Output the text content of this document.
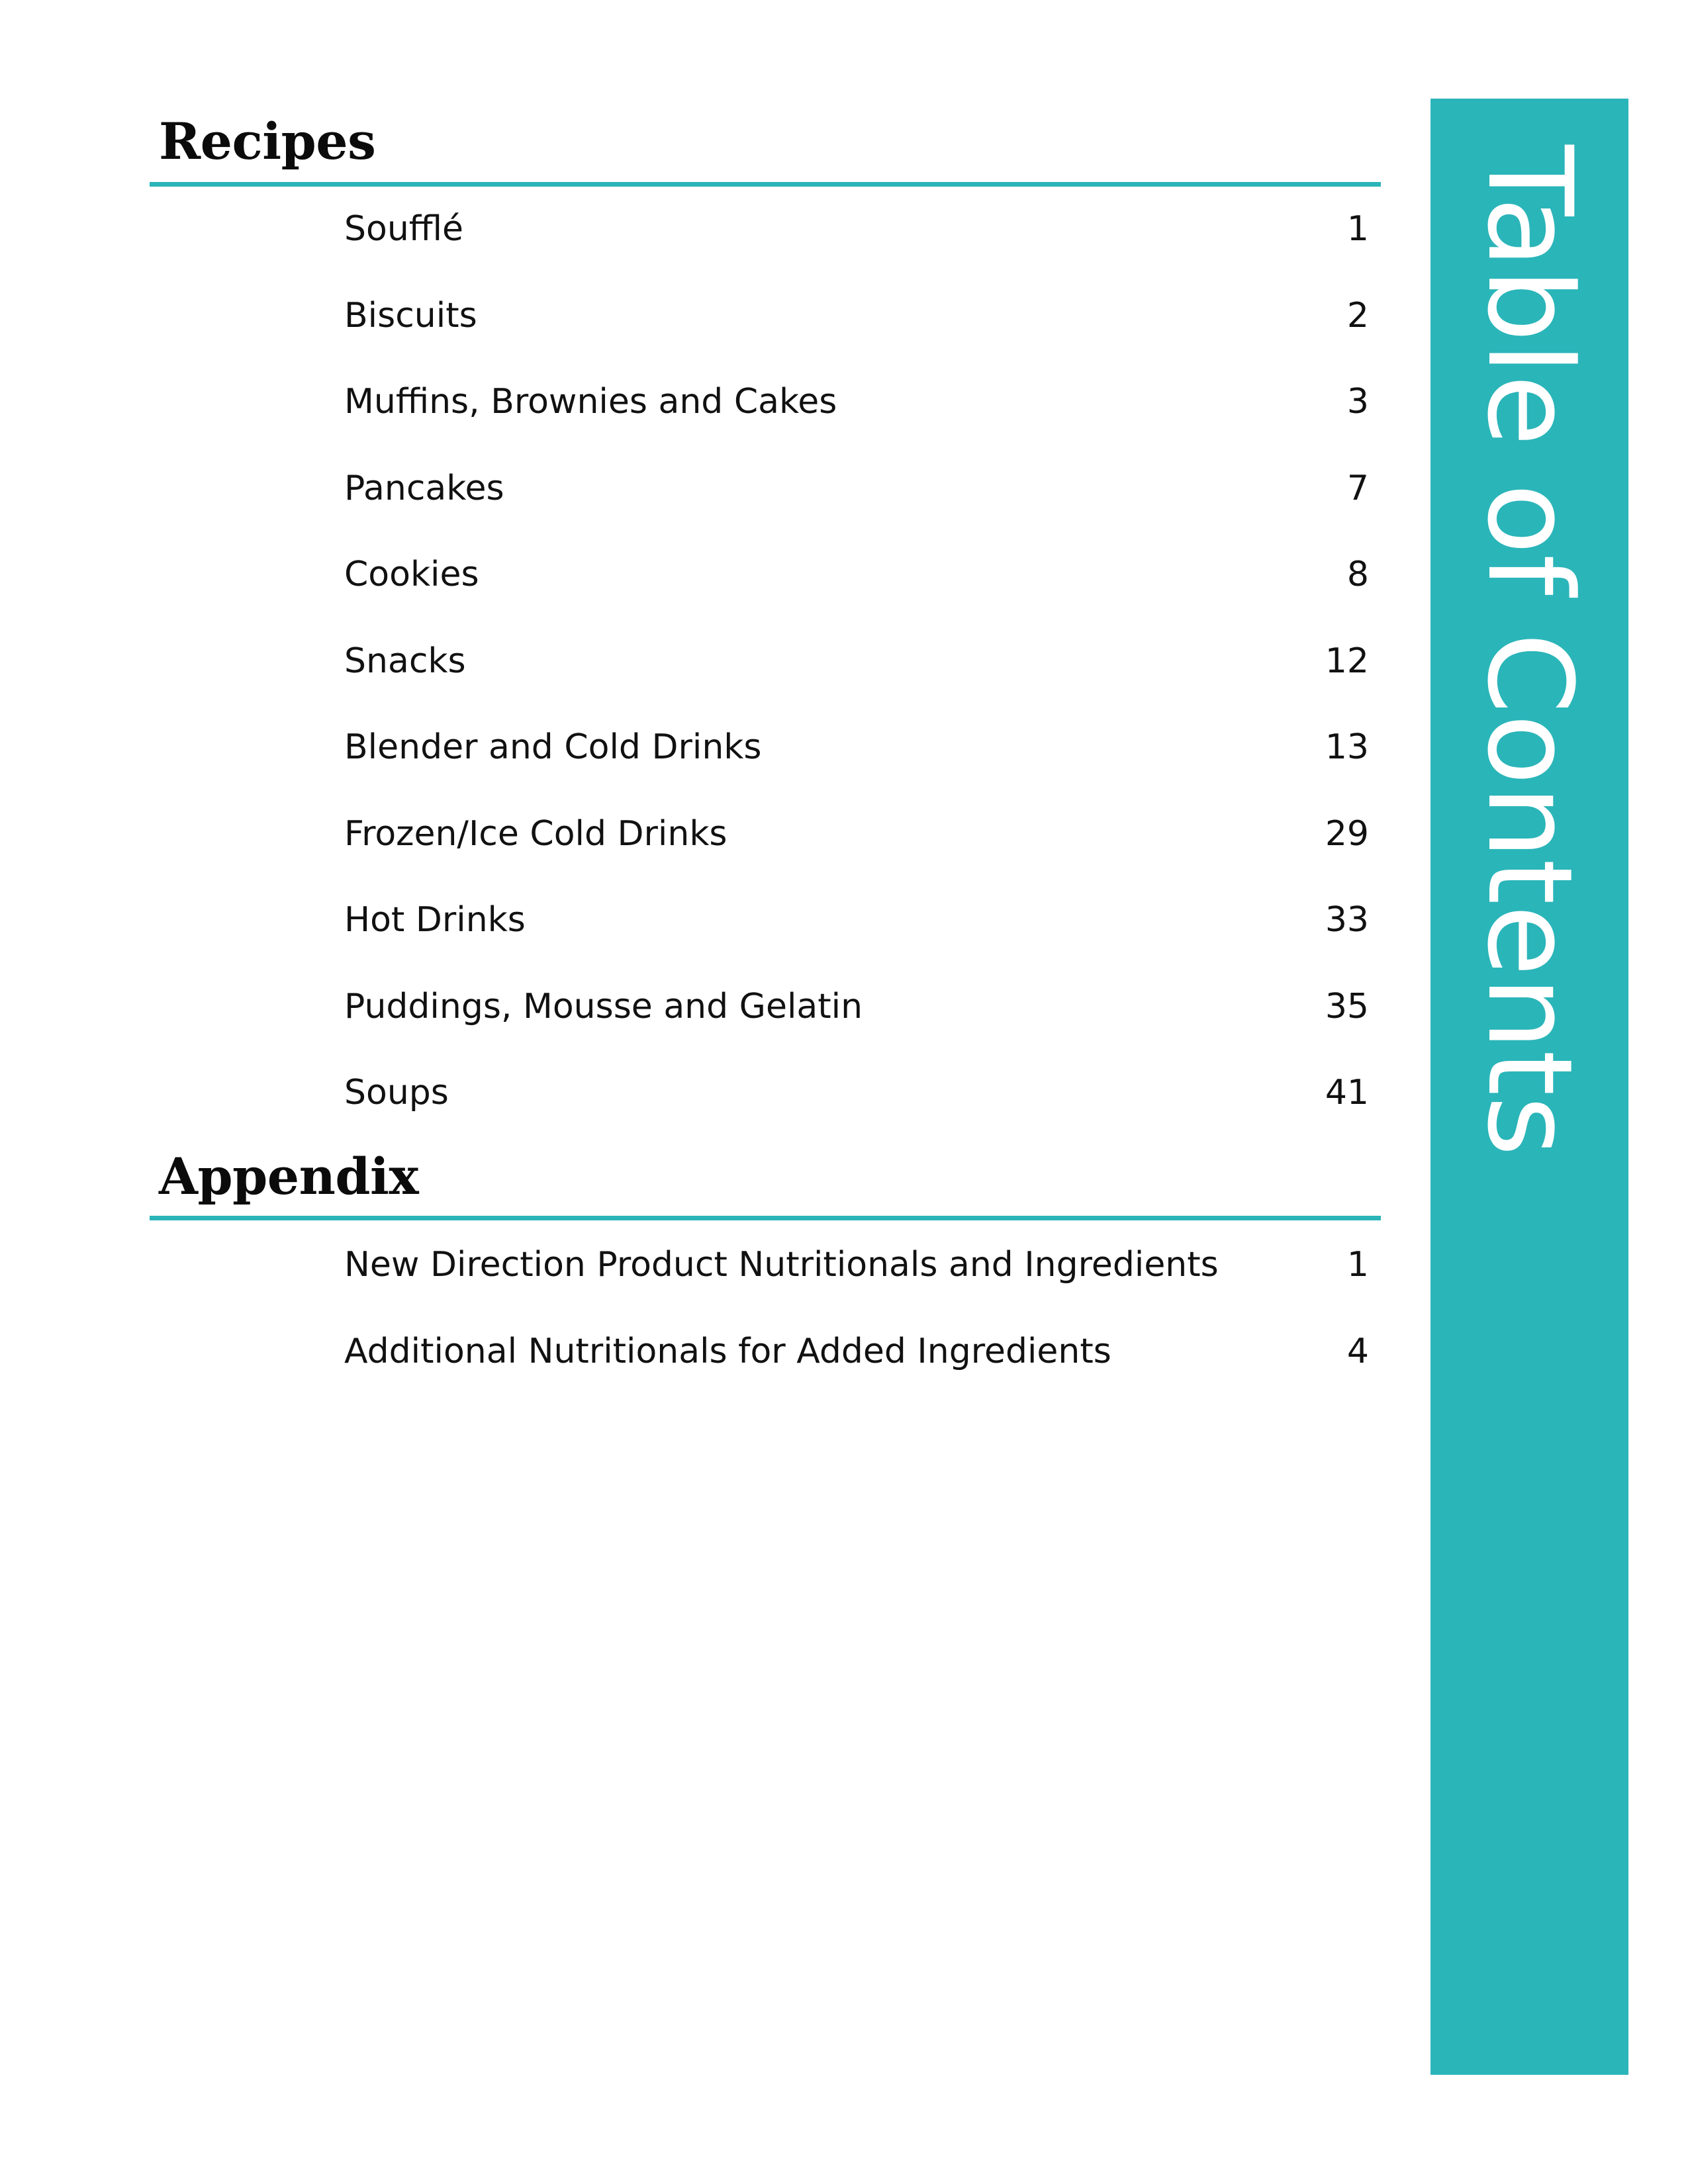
Recipes
Soufflé	1
Biscuits	2
Muffins, Brownies and Cakes	3
Pancakes	7
Cookies	8
Snacks	12
Blender and Cold Drinks	13
Frozen/Ice Cold Drinks	29
Hot Drinks	33
Puddings, Mousse and Gelatin	35
Soups	41
Appendix
New Direction Product Nutritionals and Ingredients	1
Additional Nutritionals for Added Ingredients	4
Table of Contents
